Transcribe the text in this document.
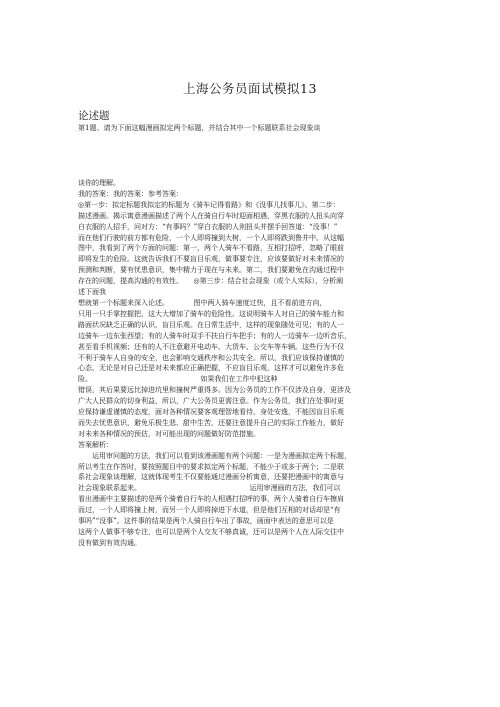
上海公务员面试模拟13
论述题
第1题、请为下面这幅漫画拟定两个标题，并结合其中一个标题联系社会现象谈
谈你的理解。
我的答案：我的答案：参考答案：
◎第一步：拟定标题我拟定的标题为《骑车记得看路》和《没事儿找事儿》。第二步：
描述漫画。揭示寓意漫画描述了两个人在骑自行车时迎面相遇，穿黑衣服的人扭头向穿
白衣服的人招手，问对方：“有事吗？”穿白衣服的人则扭头并摆手回答道：“没事！”
而在他们行驶的前方都有危险，一个人即将撞到大树，一个人即将跌到鲁井中。从这幅
图中，我看到了两个方面的问题：第一，两个人骑车不看路，互相打招呼，忽略了眼前
即将发生的危险。这就告诉我们不要盲目乐观，做事要专注，应该要做好对未来情况的
预测和判断，要有忧患意识，集中精力于现在与未来。第二，我们要避免在沟通过程中
存在的问题，提高沟通的有效性。　　◎第三步：结合社会现象（或个人实际），分析阐
述下面我
想就第一个标题来深入论述。　　　　图中两人骑车速度过快，且不看前进方向，
只用一只手掌控握把，这大大增加了骑车的危险性。这说明骑车人对自己的骑车能力和
路面状况缺乏正确的认识，盲目乐观。在日常生活中，这样的现象随处可见；有的人一
边骑车一边东张西望；有的人骑车时双手不扶自行车把手；有的人一边骑车一边听音乐，
甚至看手机视频；还有的人不注意避开电动车、大货车、公交车等车辆。这些行为不仅
不利于骑车人自身的安全，也会影响交通秩序和公共安全。所以，我们应该保持谨慎的
心态，无论是对自己还是对未来都应正确把握，不应盲目乐观，这样才可以避免许多危
险。　　　　　　　　　　　　　　　　如果我们在工作中犯这种
错误，其后果要远比掉进坑里和撞树严重得多。因为公务员的工作不仅涉及自身，更涉及
广大人民群众的切身利益，所以，广大公务员更需注意。作为公务员，我们在处事时更
应保持谦虚谨慎的态度，面对各种情况要客观理智地看待，身处安逸，不能因盲目乐观
而失去忧患意识，避免乐极生悲、甜中生苦，还要注意提升自己的实际工作能力，做好
对未来各种情况的预估，对可能出现的问题做好防范措施。
答案解析：
　　运用审问题的方法，我们可以看到该漫画题有两个问题：一是为漫画拟定两个标题，
所以考生在作答时，要按照题目中的要求拟定两个标题，不能少于或多于两个；二是联
系社会现象谈理解，这就体现考生不仅要能通过漫画分析寓意，还要把漫画中的寓意与
社会现象联系起来。　　　　　　　　　　　　　　　　运用审漫画的方法，我们可以
看出漫画中主要描述的是两个骑着自行车的人相遇打招呼的事，两个人骑着自行车擦肩
而过，一个人即将撞上树，而另一个人即将掉进下水道，但是他们互相的对话却是“有
事吗”“没事”。这件事的结果是两个人骑自行车出了事故，画面中表达的意思可以是
这两个人做事不够专注，也可以是两个人交友不够真诚，还可以是两个人在人际交往中
没有做到有效沟通。
